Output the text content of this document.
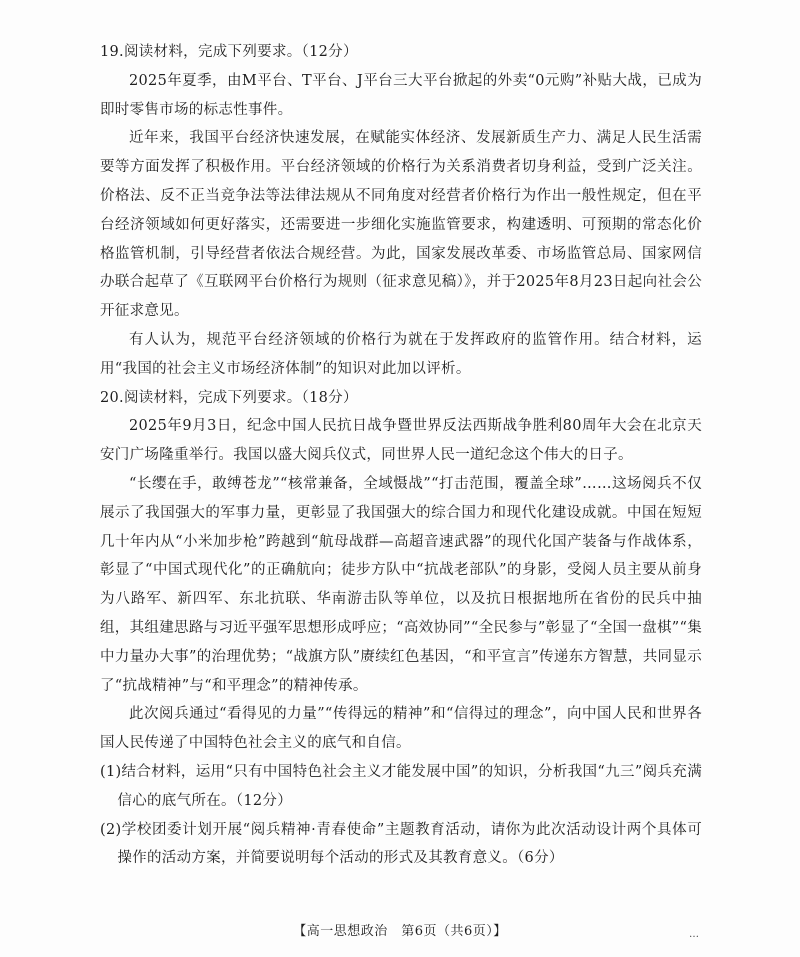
19.阅读材料，完成下列要求。（12分）

2025年夏季，由M平台、T平台、J平台三大平台掀起的外卖“0元购”补贴大战，已成为即时零售市场的标志性事件。

近年来，我国平台经济快速发展，在赋能实体经济、发展新质生产力、满足人民生活需要等方面发挥了积极作用。平台经济领域的价格行为关系消费者切身利益，受到广泛关注。价格法、反不正当竞争法等法律法规从不同角度对经营者价格行为作出一般性规定，但在平台经济领域如何更好落实，还需要进一步细化实施监管要求，构建透明、可预期的常态化价格监管机制，引导经营者依法合规经营。为此，国家发展改革委、市场监管总局、国家网信办联合起草了《互联网平台价格行为规则（征求意见稿）》，并于2025年8月23日起向社会公开征求意见。

有人认为，规范平台经济领域的价格行为就在于发挥政府的监管作用。结合材料，运用“我国的社会主义市场经济体制”的知识对此加以评析。

20.阅读材料，完成下列要求。（18分）

2025年9月3日，纪念中国人民抗日战争暨世界反法西斯战争胜利80周年大会在北京天安门广场隆重举行。我国以盛大阅兵仪式，同世界人民一道纪念这个伟大的日子。

“长缨在手，敢缚苍龙”“核常兼备，全域慑战”“打击范围，覆盖全球”……这场阅兵不仅展示了我国强大的军事力量，更彰显了我国强大的综合国力和现代化建设成就。中国在短短几十年内从“小米加步枪”跨越到“航母战群—高超音速武器”的现代化国产装备与作战体系，彰显了“中国式现代化”的正确航向；徒步方队中“抗战老部队”的身影，受阅人员主要从前身为八路军、新四军、东北抗联、华南游击队等单位，以及抗日根据地所在省份的民兵中抽组，其组建思路与习近平强军思想形成呼应；“高效协同”“全民参与”彰显了“全国一盘棋”“集中力量办大事”的治理优势；“战旗方队”赓续红色基因，“和平宣言”传递东方智慧，共同显示了“抗战精神”与“和平理念”的精神传承。

此次阅兵通过“看得见的力量”“传得远的精神”和“信得过的理念”，向中国人民和世界各国人民传递了中国特色社会主义的底气和自信。

(1)结合材料，运用“只有中国特色社会主义才能发展中国”的知识，分析我国“九三”阅兵充满信心的底气所在。（12分）

(2)学校团委计划开展“阅兵精神·青春使命”主题教育活动，请你为此次活动设计两个具体可操作的活动方案，并简要说明每个活动的形式及其教育意义。（6分）

【高一思想政治　第6页（共6页）】	…
